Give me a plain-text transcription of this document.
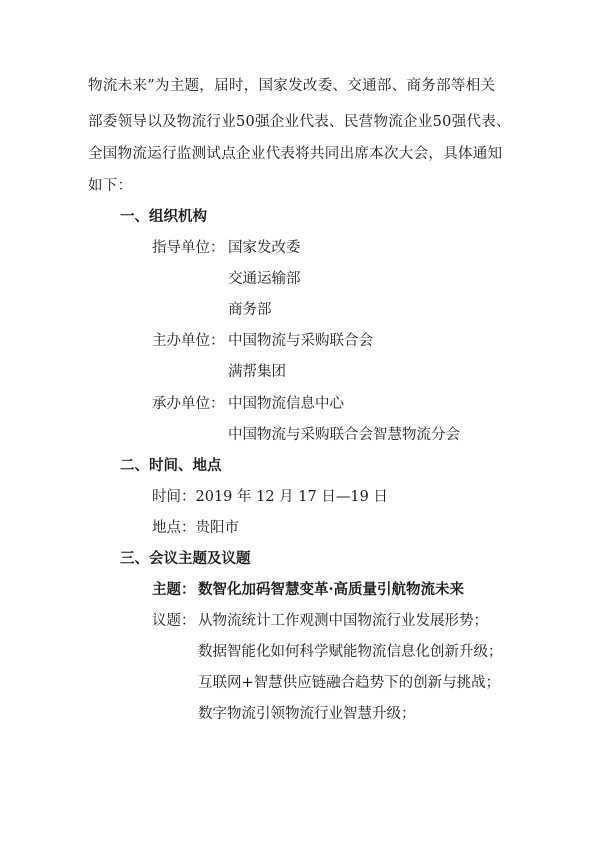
物流未来”为主题，届时，国家发改委、交通部、商务部等相关
部委领导以及物流行业50强企业代表、民营物流企业50强代表、
全国物流运行监测试点企业代表将共同出席本次大会，具体通知
如下：
一、组织机构
指导单位： 国家发改委
交通运输部
商务部
主办单位： 中国物流与采购联合会
满帮集团
承办单位： 中国物流信息中心
中国物流与采购联合会智慧物流分会
二、时间、地点
时间：2019 年 12 月 17 日—19 日
地点：贵阳市
三、会议主题及议题
主题： 数智化加码智慧变革·高质量引航物流未来
议题： 从物流统计工作观测中国物流行业发展形势；
数据智能化如何科学赋能物流信息化创新升级；
互联网+智慧供应链融合趋势下的创新与挑战；
数字物流引领物流行业智慧升级；
